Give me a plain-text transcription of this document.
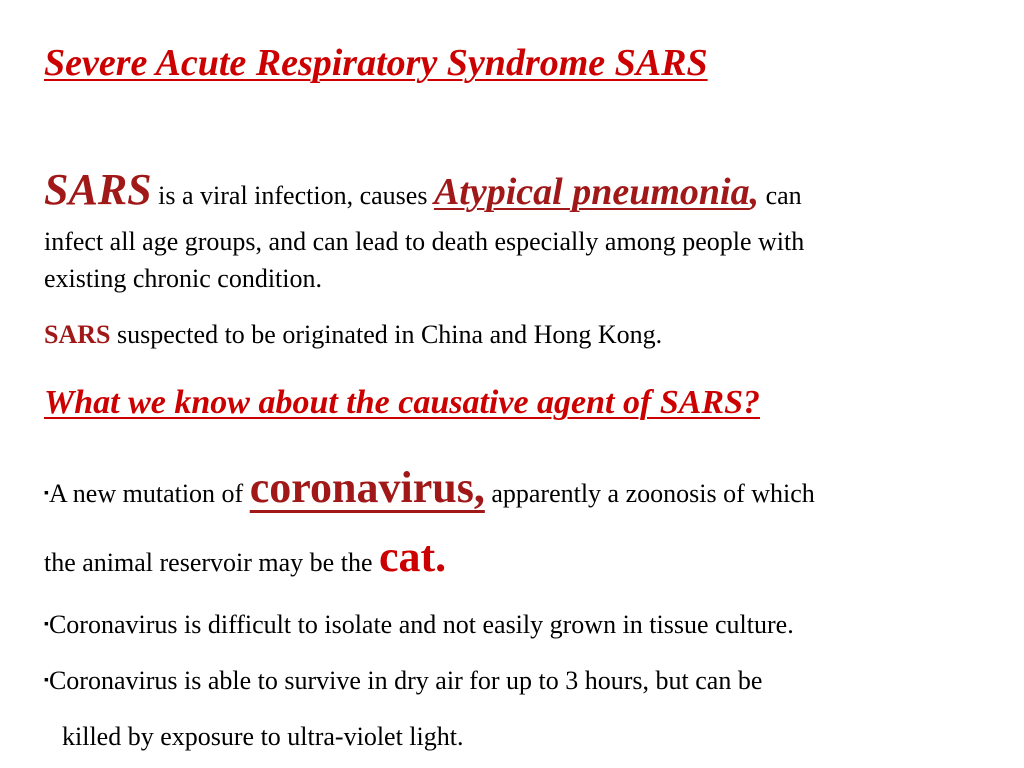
Severe Acute Respiratory Syndrome SARS
SARS is a viral infection, causes Atypical pneumonia, can
infect all age groups, and can lead to death especially among people with
existing chronic condition.
SARS suspected to be originated in China and Hong Kong.
What we know about the causative agent of SARS?
▪A new mutation of coronavirus, apparently a zoonosis of which
the animal reservoir may be the cat.
▪Coronavirus is difficult to isolate and not easily grown in tissue culture.
▪Coronavirus is able to survive in dry air for up to 3 hours, but can be
killed by exposure to ultra-violet light.
